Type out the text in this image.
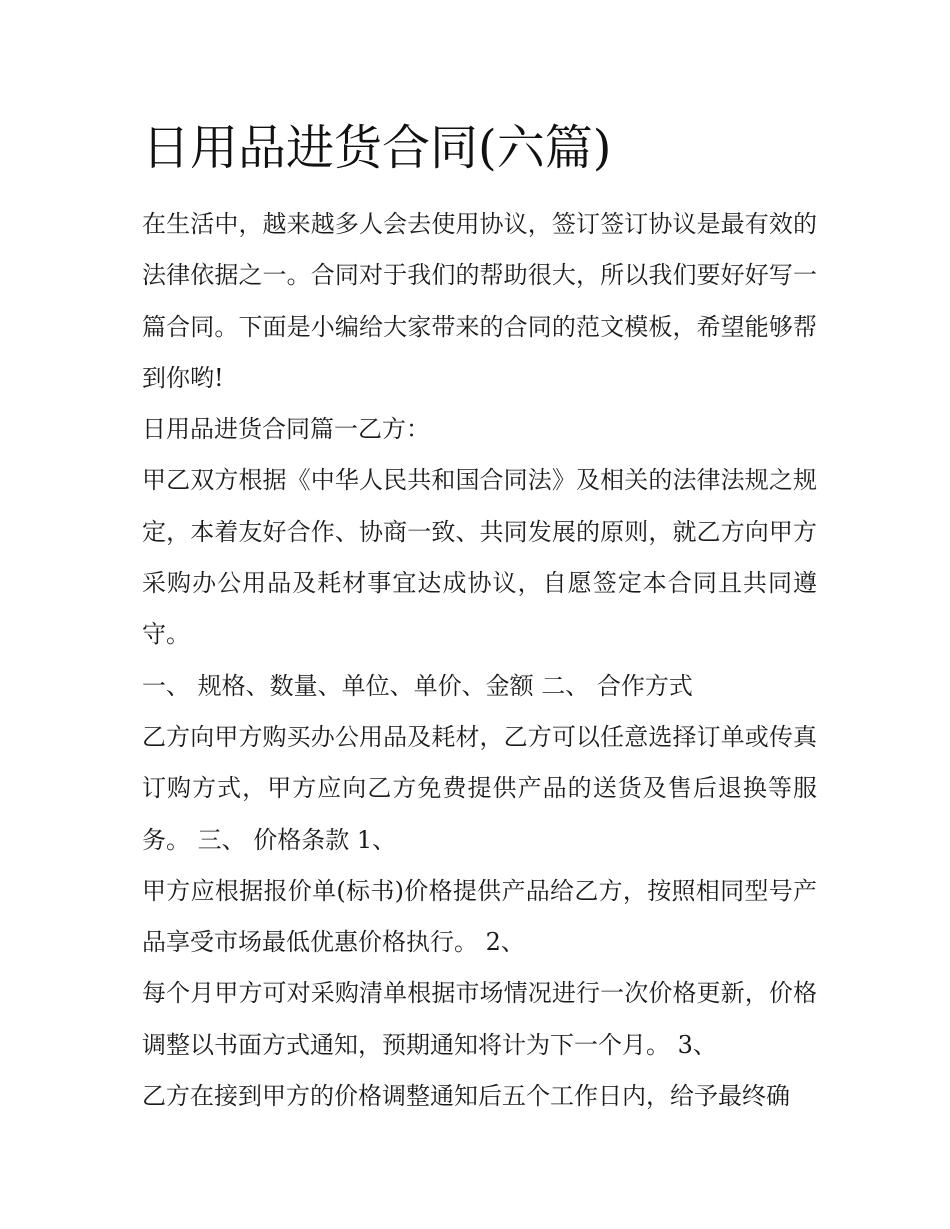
日用品进货合同(六篇)

在生活中，越来越多人会去使用协议，签订签订协议是最有效的法律依据之一。合同对于我们的帮助很大，所以我们要好好写一篇合同。下面是小编给大家带来的合同的范文模板，希望能够帮到你哟!

日用品进货合同篇一乙方：

甲乙双方根据《中华人民共和国合同法》及相关的法律法规之规定，本着友好合作、协商一致、共同发展的原则，就乙方向甲方采购办公用品及耗材事宜达成协议，自愿签定本合同且共同遵守。

一、 规格、数量、单位、单价、金额 二、 合作方式

乙方向甲方购买办公用品及耗材，乙方可以任意选择订单或传真订购方式，甲方应向乙方免费提供产品的送货及售后退换等服务。 三、 价格条款 1、

甲方应根据报价单(标书)价格提供产品给乙方，按照相同型号产品享受市场最低优惠价格执行。 2、

每个月甲方可对采购清单根据市场情况进行一次价格更新，价格调整以书面方式通知，预期通知将计为下一个月。 3、

乙方在接到甲方的价格调整通知后五个工作日内，给予最终确
